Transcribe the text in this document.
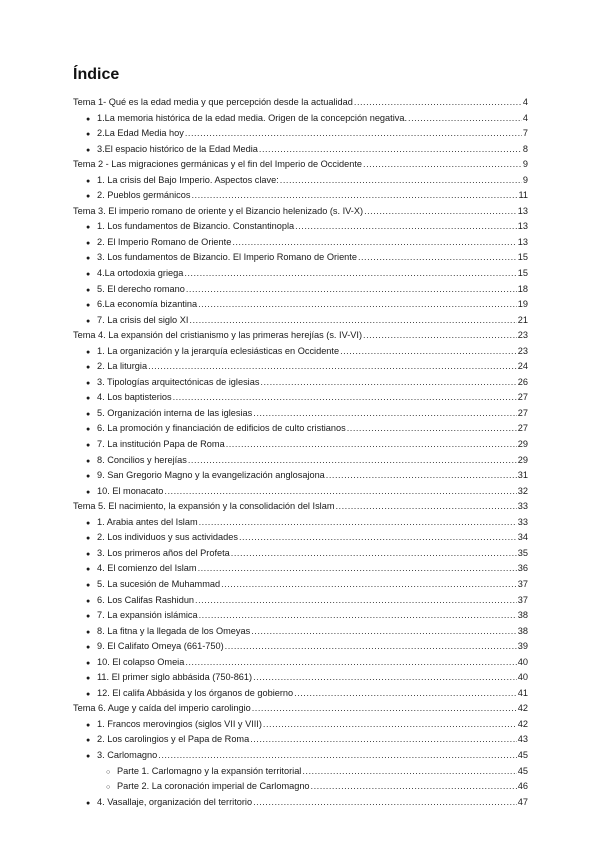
Índice
Tema 1- Qué es la edad media y que percepción desde la actualidad .....	4
● 1.La memoria histórica de la edad media. Origen de la concepción negativa. .....	4
● 2.La Edad Media hoy .....	7
● 3.El espacio histórico de la Edad Media .....	8
Tema 2 - Las migraciones germánicas y el fin del Imperio de Occidente .....	9
● 1. La crisis del Bajo Imperio. Aspectos clave: .....	9
● 2. Pueblos germánicos .....	11
Tema 3. El imperio romano de oriente y el Bizancio helenizado (s. IV-X) .....	13
● 1. Los fundamentos de Bizancio. Constantinopla .....	13
● 2. El Imperio Romano de Oriente .....	13
● 3. Los fundamentos de Bizancio. El Imperio Romano de Oriente .....	15
● 4.La ortodoxia griega .....	15
● 5. El derecho romano .....	18
● 6.La economía bizantina .....	19
● 7. La crisis del siglo XI .....	21
Tema 4. La expansión del cristianismo y las primeras herejías (s. IV-VI) .....	23
● 1. La organización y la jerarquía eclesiásticas en Occidente .....	23
● 2. La liturgia .....	24
● 3. Tipologías arquitectónicas de iglesias .....	26
● 4. Los baptisterios .....	27
● 5. Organización interna de las iglesias .....	27
● 6. La promoción y financiación de edificios de culto cristianos .....	27
● 7. La institución Papa de Roma .....	29
● 8. Concilios y herejías .....	29
● 9. San Gregorio Magno y la evangelización anglosajona .....	31
● 10. El monacato .....	32
Tema 5. El nacimiento, la expansión y la consolidación del Islam .....	33
● 1. Arabia antes del Islam .....	33
● 2. Los individuos y sus actividades .....	34
● 3. Los primeros años del Profeta .....	35
● 4. El comienzo del Islam .....	36
● 5. La sucesión de Muhammad .....	37
● 6. Los Califas Rashidun .....	37
● 7. La expansión islámica .....	38
● 8. La fitna y la llegada de los Omeyas .....	38
● 9. El Califato Omeya (661-750) .....	39
● 10. El colapso Omeia .....	40
● 11. El primer siglo abbásida (750-861) .....	40
● 12. El califa Abbásida y los órganos de gobierno .....	41
Tema 6. Auge y caída del imperio carolingio .....	42
● 1. Francos merovingios (siglos VII y VIII) .....	42
● 2. Los carolingios y el Papa de Roma .....	43
● 3. Carlomagno .....	45
○ Parte 1. Carlomagno y la expansión territorial .....	45
○ Parte 2. La coronación imperial de Carlomagno .....	46
● 4. Vasallaje, organización del territorio .....	47
